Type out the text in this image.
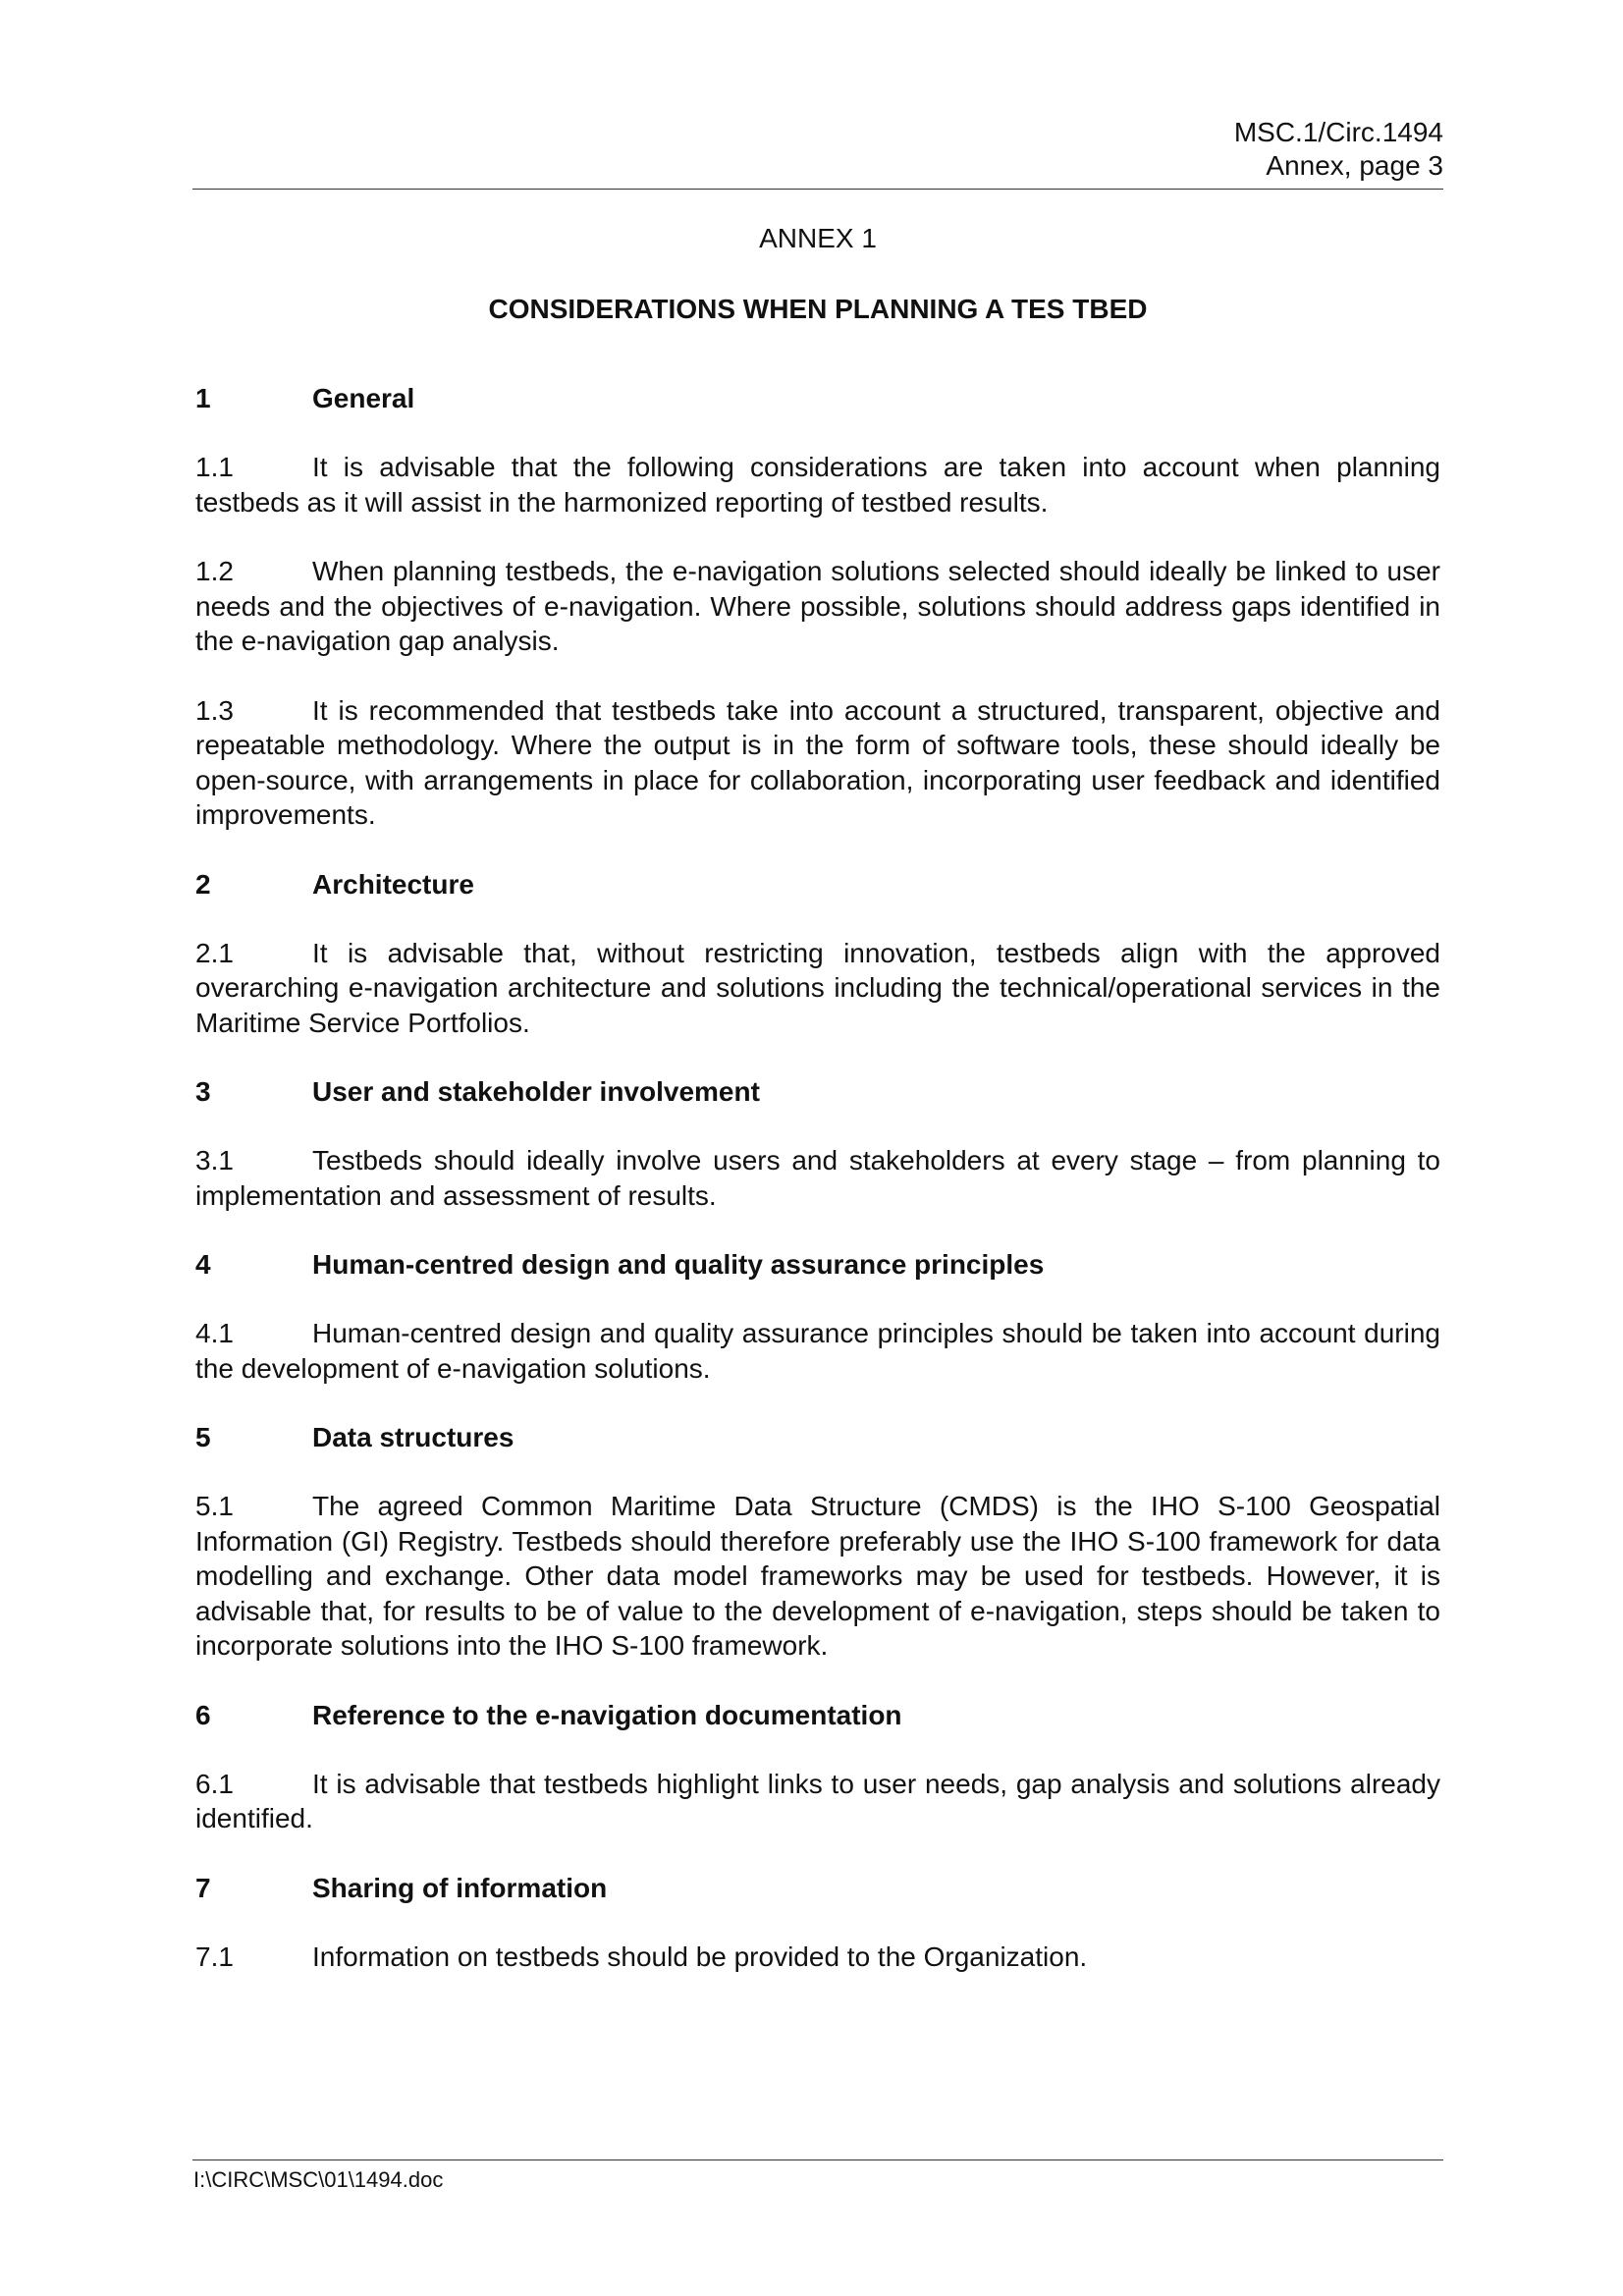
MSC.1/Circ.1494
Annex, page 3
ANNEX 1
CONSIDERATIONS WHEN PLANNING A TES TBED
1	General

1.1	It is advisable that the following considerations are taken into account when planning testbeds as it will assist in the harmonized reporting of testbed results.

1.2	When planning testbeds, the e-navigation solutions selected should ideally be linked to user needs and the objectives of e-navigation. Where possible, solutions should address gaps identified in the e-navigation gap analysis.

1.3	It is recommended that testbeds take into account a structured, transparent, objective and repeatable methodology. Where the output is in the form of software tools, these should ideally be open-source, with arrangements in place for collaboration, incorporating user feedback and identified improvements.

2	Architecture

2.1	It is advisable that, without restricting innovation, testbeds align with the approved overarching e-navigation architecture and solutions including the technical/operational services in the Maritime Service Portfolios.

3	User and stakeholder involvement

3.1	Testbeds should ideally involve users and stakeholders at every stage – from planning to implementation and assessment of results.

4	Human-centred design and quality assurance principles

4.1	Human-centred design and quality assurance principles should be taken into account during the development of e-navigation solutions.

5	Data structures

5.1	The agreed Common Maritime Data Structure (CMDS) is the IHO S-100 Geospatial Information (GI) Registry. Testbeds should therefore preferably use the IHO S-100 framework for data modelling and exchange. Other data model frameworks may be used for testbeds. However, it is advisable that, for results to be of value to the development of e-navigation, steps should be taken to incorporate solutions into the IHO S-100 framework.

6	Reference to the e-navigation documentation

6.1	It is advisable that testbeds highlight links to user needs, gap analysis and solutions already identified.

7	Sharing of information

7.1	Information on testbeds should be provided to the Organization.

I:\CIRC\MSC\01\1494.doc
